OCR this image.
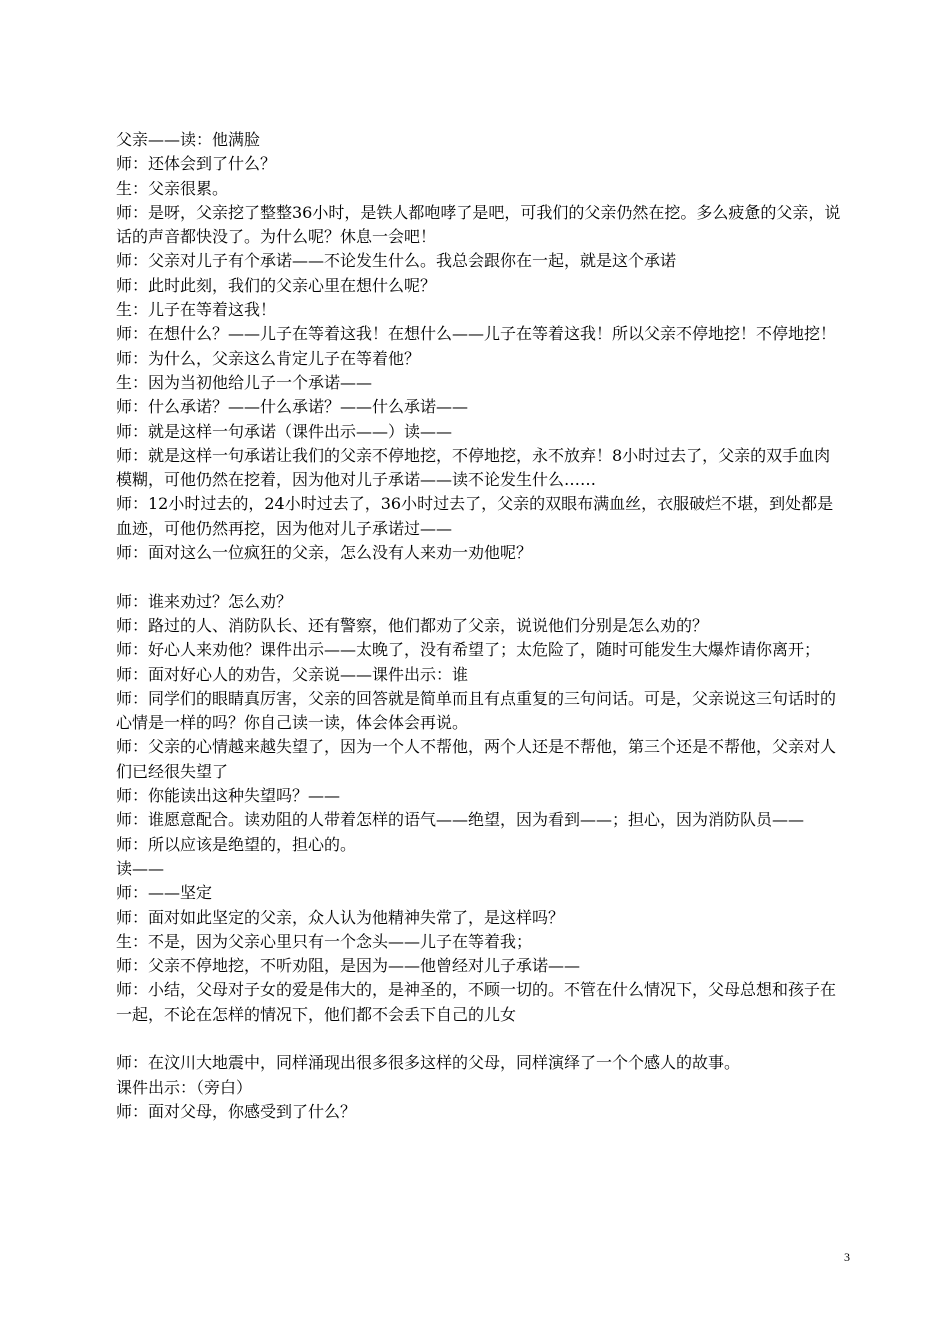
父亲——读：他满脸

师：还体会到了什么？

生：父亲很累。

师：是呀，父亲挖了整整36小时，是铁人都咆哮了是吧，可我们的父亲仍然在挖。多么疲惫的父亲，说话的声音都快没了。为什么呢？休息一会吧！

师：父亲对儿子有个承诺——不论发生什么。我总会跟你在一起，就是这个承诺

师：此时此刻，我们的父亲心里在想什么呢？

生：儿子在等着这我！

师：在想什么？——儿子在等着这我！在想什么——儿子在等着这我！所以父亲不停地挖！不停地挖！

师：为什么，父亲这么肯定儿子在等着他？

生：因为当初他给儿子一个承诺——

师：什么承诺？——什么承诺？——什么承诺——

师：就是这样一句承诺（课件出示——）读——

师：就是这样一句承诺让我们的父亲不停地挖，不停地挖，永不放弃！8小时过去了，父亲的双手血肉模糊，可他仍然在挖着，因为他对儿子承诺——读不论发生什么……

师：12小时过去的，24小时过去了，36小时过去了，父亲的双眼布满血丝，衣服破烂不堪，到处都是血迹，可他仍然再挖，因为他对儿子承诺过——

师：面对这么一位疯狂的父亲，怎么没有人来劝一劝他呢？

师：谁来劝过？怎么劝？

师：路过的人、消防队长、还有警察，他们都劝了父亲，说说他们分别是怎么劝的？

师：好心人来劝他？课件出示——太晚了，没有希望了；太危险了，随时可能发生大爆炸请你离开；

师：面对好心人的劝告，父亲说——课件出示：谁

师：同学们的眼睛真厉害，父亲的回答就是简单而且有点重复的三句问话。可是，父亲说这三句话时的心情是一样的吗？你自己读一读，体会体会再说。

师：父亲的心情越来越失望了，因为一个人不帮他，两个人还是不帮他，第三个还是不帮他，父亲对人们已经很失望了

师：你能读出这种失望吗？——

师：谁愿意配合。读劝阻的人带着怎样的语气——绝望，因为看到——；担心，因为消防队员——

师：所以应该是绝望的，担心的。

读——

师：——坚定

师：面对如此坚定的父亲，众人认为他精神失常了，是这样吗？

生：不是，因为父亲心里只有一个念头——儿子在等着我；

师：父亲不停地挖，不听劝阻，是因为——他曾经对儿子承诺——

师：小结，父母对子女的爱是伟大的，是神圣的，不顾一切的。不管在什么情况下，父母总想和孩子在一起，不论在怎样的情况下，他们都不会丢下自己的儿女

师：在汶川大地震中，同样涌现出很多很多这样的父母，同样演绎了一个个感人的故事。

课件出示：（旁白）

师：面对父母，你感受到了什么？

3
